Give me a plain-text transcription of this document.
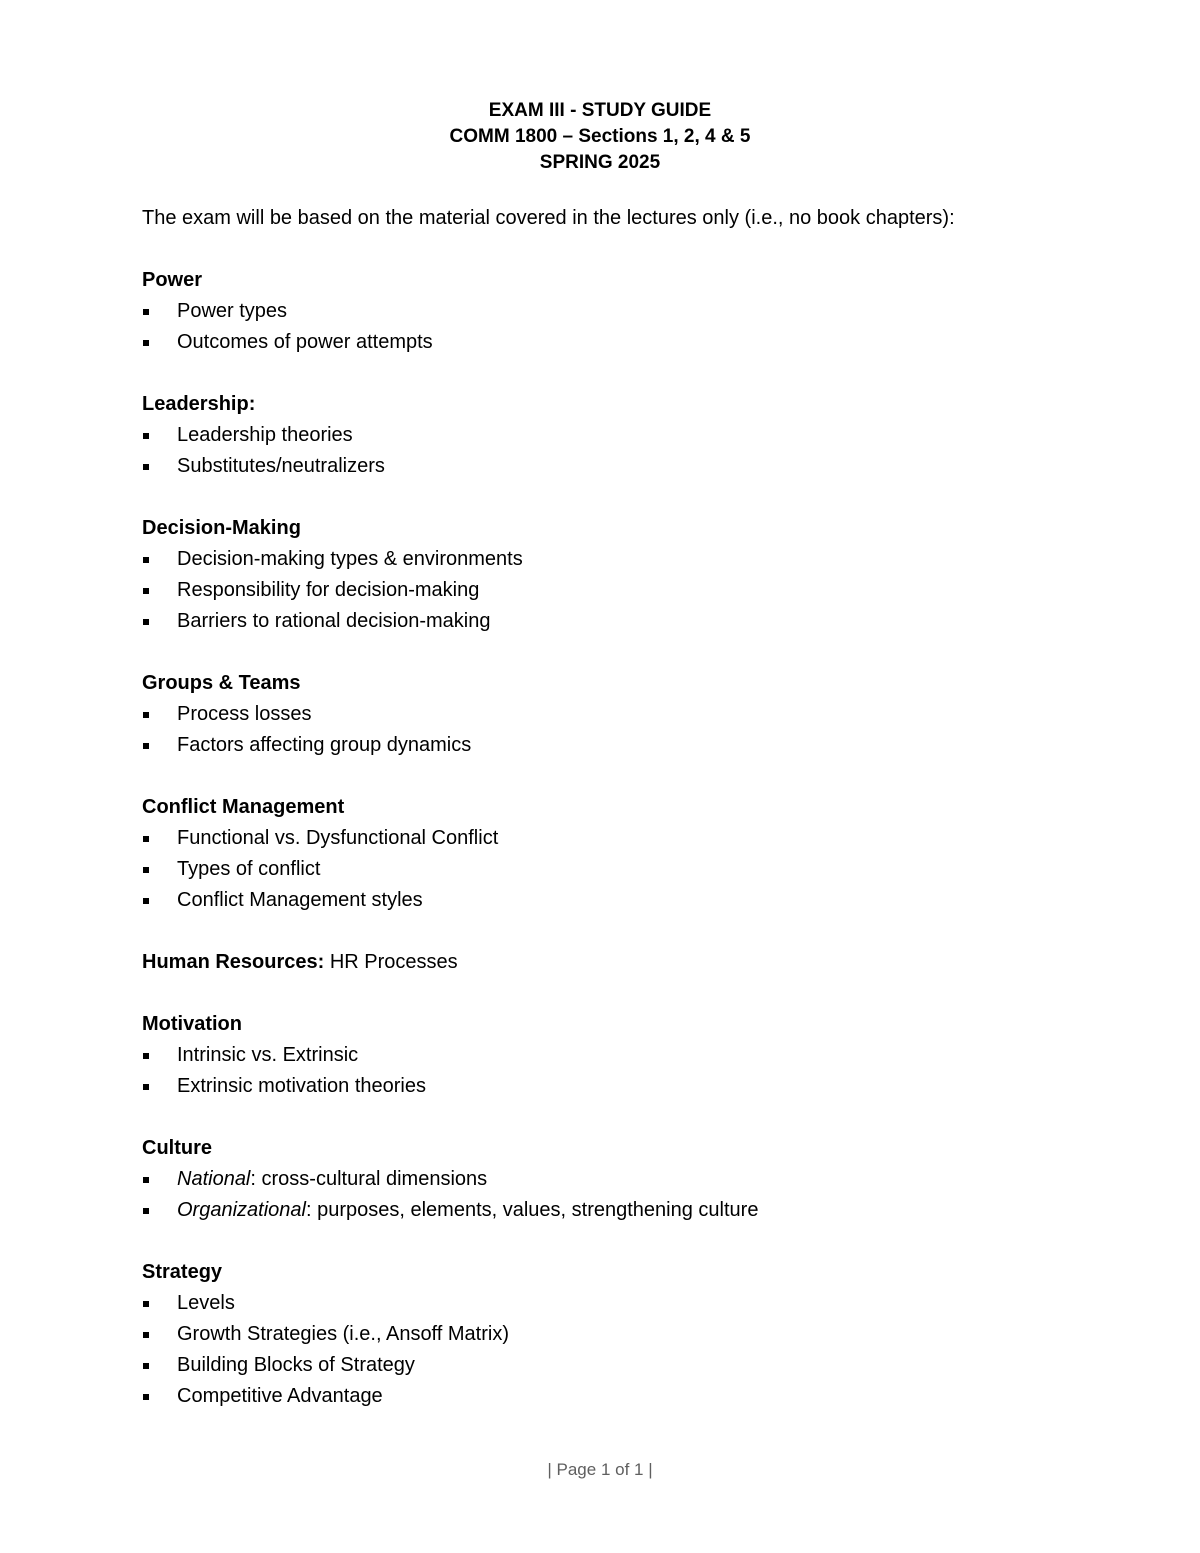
EXAM III - STUDY GUIDE
COMM 1800 – Sections 1, 2, 4 & 5
SPRING 2025
The exam will be based on the material covered in the lectures only (i.e., no book chapters):
Power
Power types
Outcomes of power attempts
Leadership:
Leadership theories
Substitutes/neutralizers
Decision-Making
Decision-making types & environments
Responsibility for decision-making
Barriers to rational decision-making
Groups & Teams
Process losses
Factors affecting group dynamics
Conflict Management
Functional vs. Dysfunctional Conflict
Types of conflict
Conflict Management styles
Human Resources: HR Processes
Motivation
Intrinsic vs. Extrinsic
Extrinsic motivation theories
Culture
National: cross-cultural dimensions
Organizational: purposes, elements, values, strengthening culture
Strategy
Levels
Growth Strategies (i.e., Ansoff Matrix)
Building Blocks of Strategy
Competitive Advantage
| Page 1 of 1 |
